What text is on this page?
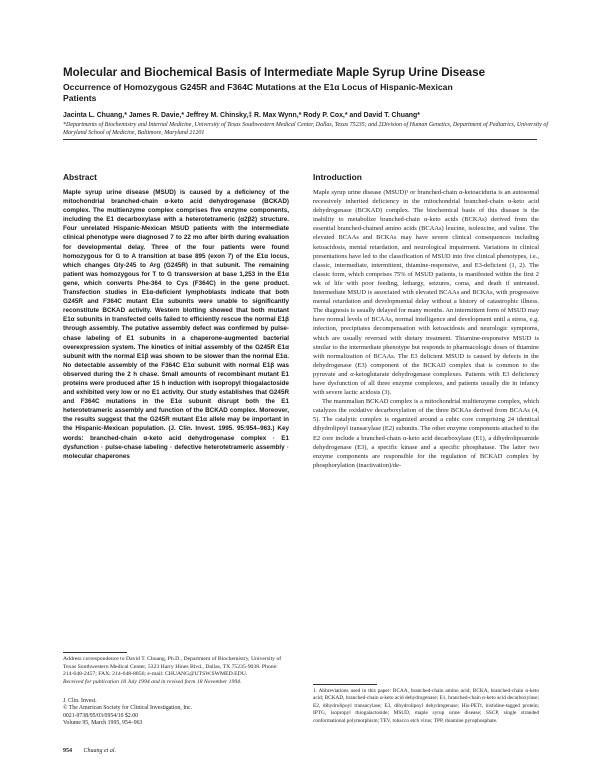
Molecular and Biochemical Basis of Intermediate Maple Syrup Urine Disease
Occurrence of Homozygous G245R and F364C Mutations at the E1α Locus of Hispanic-Mexican Patients
Jacinta L. Chuang,* James R. Davie,* Jeffrey M. Chinsky,‡ R. Max Wynn,* Rody P. Cox,* and David T. Chuang*
*Departments of Biochemistry and Internal Medicine, University of Texas Southwestern Medical Center, Dallas, Texas 75235; and ‡Division of Human Genetics, Department of Pediatrics, University of Maryland School of Medicine, Baltimore, Maryland 21201
Abstract	Introduction
Maple syrup urine disease (MSUD) is caused by a deficiency of the mitochondrial branched-chain α-keto acid dehydrogenase (BCKAD) complex. The multienzyme complex comprises five enzyme components, including the E1 decarboxylase with a heterotetrameric (α2β2) structure. Four unrelated Hispanic-Mexican MSUD patients with the intermediate clinical phenotype were diagnosed 7 to 22 mo after birth during evaluation for developmental delay. Three of the four patients were found homozygous for G to A transition at base 895 (exon 7) of the E1α locus, which changes Gly-245 to Arg (G245R) in that subunit. The remaining patient was homozygous for T to G transversion at base 1,253 in the E1α gene, which converts Phe-364 to Cys (F364C) in the gene product. Transfection studies in E1α-deficient lymphoblasts indicate that both G245R and F364C mutant E1α subunits were unable to significantly reconstitute BCKAD activity. Western blotting showed that both mutant E1α subunits in transfected cells failed to efficiently rescue the normal E1β through assembly. The putative assembly defect was confirmed by pulse-chase labeling of E1 subunits in a chaperone-augmented bacterial overexpression system. The kinetics of initial assembly of the G245R E1α subunit with the normal E1β was shown to be slower than the normal E1α. No detectable assembly of the F364C E1α subunit with normal E1β was observed during the 2 h chase. Small amounts of recombinant mutant E1 proteins were produced after 15 h induction with isopropyl thiogalactoside and exhibited very low or no E1 activity. Our study establishes that G245R and F364C mutations in the E1α subunit disrupt both the E1 heterotetrameric assembly and function of the BCKAD complex. Moreover, the results suggest that the G245R mutant E1α allele may be important in the Hispanic-Mexican population. (J. Clin. Invest. 1995. 95:954–963.) Key words: branched-chain α-keto acid dehydrogenase complex · E1 dysfunction · pulse-chase labeling · defective heterotetrameric assembly · molecular chaperones

Maple syrup urine disease (MSUD)¹ or branched-chain α-ketoaciduria is an autosomal recessively inherited deficiency in the mitochondrial branched-chain α-keto acid dehydrogenase (BCKAD) complex. The biochemical basis of this disease is the inability to metabolize branched-chain α-keto acids (BCKAs) derived from the essential branched-chained amino acids (BCAAs) leucine, isoleucine, and valine. The elevated BCAAs and BCKAs may have severe clinical consequences including ketoacidosis, mental retardation, and neurological impairment. Variations in clinical presentations have led to the classification of MSUD into five clinical phenotypes, i.e., classic, intermediate, intermittent, thiamine-responsive, and E3-deficient (1, 2). The classic form, which comprises 75% of MSUD patients, is manifested within the first 2 wk of life with poor feeding, lethargy, seizures, coma, and death if untreated. Intermediate MSUD is associated with elevated BCAAs and BCKAs, with progressive mental retardation and developmental delay without a history of catastrophic illness. The diagnosis is usually delayed for many months. An intermittent form of MSUD may have normal levels of BCAAs, normal intelligence and development until a stress, e.g. infection, precipitates decompensation with ketoacidosis and neurologic symptoms, which are usually reversed with dietary treatment. Thiamine-responsive MSUD is similar to the intermediate phenotype but responds to pharmacologic doses of thiamine with normalization of BCAAs. The E3 deficient MSUD is caused by defects in the dehydrogenase (E3) component of the BCKAD complex that is common to the pyruvate and α-ketoglutarate dehydrogenase complexes. Patients with E3 deficiency have dysfunction of all three enzyme complexes, and patients usually die in infancy with severe lactic acidosis (3).

The mammalian BCKAD complex is a mitochondrial multienzyme complex, which catalyzes the oxidative decarboxylation of the three BCKAs derived from BCAAs (4, 5). The catalytic complex is organized around a cubic core comprising 24 identical dihydrolipoyl transacylase (E2) subunits. The other enzyme components attached to the E2 core include a branched-chain α-keto acid decarboxylase (E1), a dihydrolipoamide dehydrogenase (E3), a specific kinase and a specific phosphatase. The latter two enzyme components are responsible for the regulation of BCKAD complex by phosphorylation (inactivation)/de-

Address correspondence to David T. Chuang, Ph.D., Department of Biochemistry, University of Texas Southwestern Medical Center, 5323 Harry Hines Blvd., Dallas, TX 75235-9038. Phone: 214-648-2457; FAX: 214-648-8856; e-mail: CHUANG@UTSW.SWMED.EDU.
Received for publication 18 July 1994 and in revised form 18 November 1994.
J. Clin. Invest.
© The American Society for Clinical Investigation, Inc.
0021-9738/95/03/0954/10 $2.00
Volume 95, March 1995, 954–963
1. Abbreviations used in this paper: BCAA, branched-chain amino acid; BCKA, branched-chain α-keto acid; BCKAD, branched-chain α-keto acid dehydrogenase; E1, branched-chain α-keto acid decarboxylase; E2, dihydrolipoyl transacylase; E3, dihydrolipoyl dehydrogenase; His-PETt, histidine-tagged protein; IPTG, isopropyl thiogalactoside; MSUD, maple syrup urine disease; SSCP, single stranded conformational polymorphism; TEV, tobacco etch virus; TPP, thiamine pyrophosphate.
954 Chuang et al.
